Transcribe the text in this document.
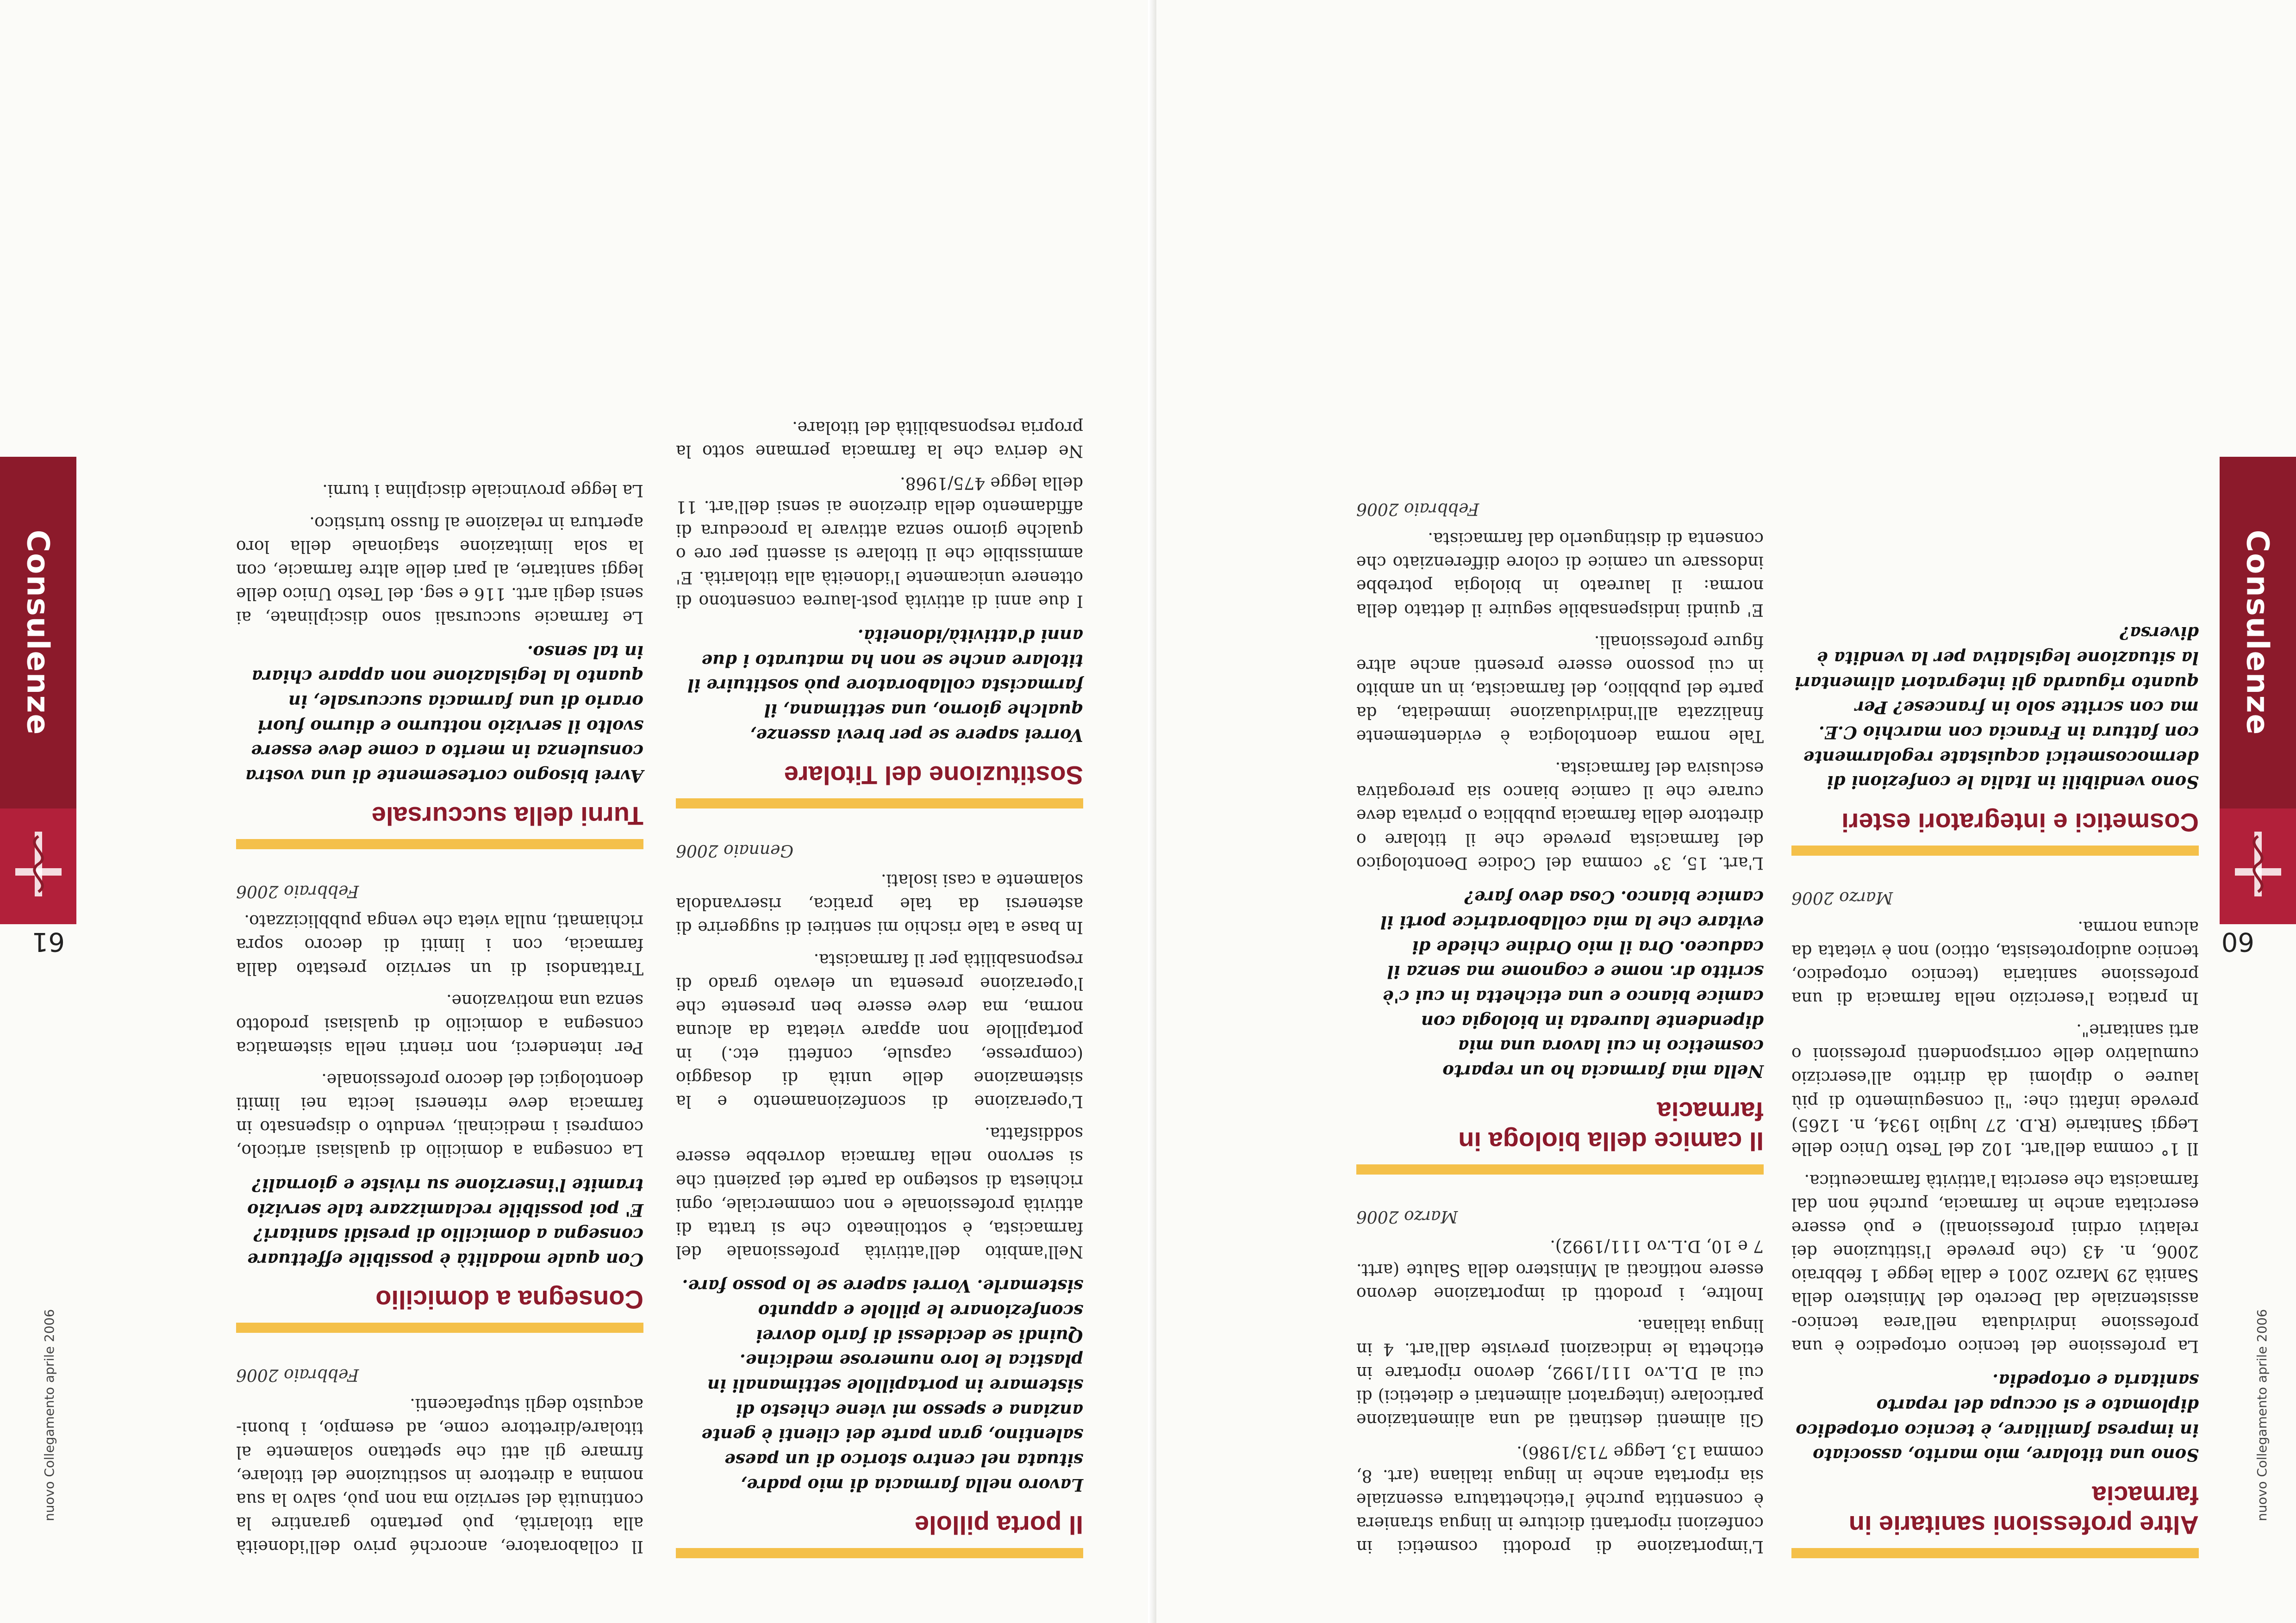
nuovo Collegamento aprile 2006
Consulenze
60
Altre professioni sanitarie in farmacia

Sono una titolare, mio marito, associato in impresa familiare, è tecnico ortopedico diplomato e si occupa del reparto sanitaria e ortopedia.

La professione del tecnico ortopedico è una professione individuata nell'area tecnico-assistenziale dal Decreto del Ministero della Sanità 29 Marzo 2001 e dalla legge 1 febbraio 2006, n. 43 (che prevede l'istituzione dei relativi ordini professionali) e può essere esercitata anche in farmacia, purché non dal farmacista che esercita l'attività farmaceutica.

Il 1° comma dell'art. 102 del Testo Unico delle Leggi Sanitarie (R.D. 27 luglio 1934, n. 1265) prevede infatti che: "il conseguimento di più lauree o diplomi dà diritto all'esercizio cumulativo delle corrispondenti professioni o arti sanitarie".

In pratica l'esercizio nella farmacia di una professione sanitaria (tecnico ortopedico, tecnico audioprotesista, ottico) non è vietata da alcuna norma.

Marzo 2006
Cosmetici e integratori esteri

Sono vendibili in Italia le confezioni di dermocosmetici acquistate regolarmente con fattura in Francia con marchio C.E. ma con scritte solo in francese? Per quanto riguarda gli integratori alimentari la situazione legislativa per la vendita è diversa?

L'importazione di prodotti cosmetici in confezioni riportanti diciture in lingua straniera è consentita purché l'etichettatura essenziale sia riportata anche in lingua italiana (art. 8, comma 13, Legge 713/1986).

Gli alimenti destinati ad una alimentazione particolare (integratori alimentari e dietetici) di cui al D.L.vo 111/1992, devono riportare in etichetta le indicazioni previste dall'art. 4 in lingua italiana.

Inoltre, i prodotti di importazione devono essere notificati al Ministero della Salute (artt. 7 e 10, D.L.vo 111/1992).

Marzo 2006
Il camice della biologa in farmacia

Nella mia farmacia ho un reparto cosmetico in cui lavora una mia dipendente laureata in biologia con camice bianco e una etichetta in cui c'è scritto dr. nome e cognome ma senza il caduceo. Ora il mio Ordine chiede di evitare che la mia collaboratrice porti il camice bianco. Cosa devo fare?

L'art. 15, 3° comma del Codice Deontologico del farmacista prevede che il titolare o direttore della farmacia pubblica o privata deve curare che il camice bianco sia prerogativa esclusiva del farmacista.

Tale norma deontologica è evidentemente finalizzata all'individuazione immediata, da parte del pubblico, del farmacista, in un ambito in cui possono essere presenti anche altre figure professionali.

E' quindi indispensabile seguire il dettato della norma: il laureato in biologia potrebbe indossare un camice di colore differenziato che consenta di distinguerlo dal farmacista.

Febbraio 2006
nuovo Collegamento aprile 2006
Consulenze
61
Il porta pillole

Lavoro nella farmacia di mio padre, situata nel centro storico di un paese salentino, gran parte dei clienti è gente anziana e spesso mi viene chiesto di sistemare in portapillole settimanali in plastica le loro numerose medicine. Quindi se decidessi di farlo dovrei sconfezionare le pillole e appunto sistemarle. Vorrei sapere se lo posso fare.

Nell'ambito dell'attività professionale del farmacista, è sottolineato che si tratta di attività professionale e non commerciale, ogni richiesta di sostegno da parte dei pazienti che si servono nella farmacia dovrebbe essere soddisfatta.

L'operazione di sconfezionamento e la sistemazione delle unità di dosaggio (compresse, capsule, confetti etc.) in portapillole non appare vietata da alcuna norma, ma deve essere ben presente che l'operazione presenta un elevato grado di responsabilità per il farmacista.

In base a tale rischio mi sentirei di suggerire di astenersi da tale pratica, riservandola solamente a casi isolati.

Gennaio 2006
Sostituzione del Titolare

Vorrei sapere se per brevi assenze, qualche giorno, una settimana, il farmacista collaboratore può sostituire il titolare anche se non ha maturato i due anni d'attività/idoneità.

I due anni di attività post-laurea consentono di ottenere unicamente l'idoneità alla titolarità. E' ammissibile che il titolare si assenti per ore o qualche giorno senza attivare la procedura di affidamento della direzione ai sensi dell'art. 11 della legge 475/1968.

Ne deriva che la farmacia permane sotto la propria responsabilità del titolare.

Il collaboratore, ancorché privo dell'idoneità alla titolarità, può pertanto garantire la continuità del servizio ma non può, salvo la sua nomina a direttore in sostituzione del titolare, firmare gli atti che spettano solamente al titolare/direttore come, ad esempio, i buoni-acquisto degli stupefacenti.

Febbraio 2006
Consegna a domicilio

Con quale modalità è possibile effettuare consegna a domicilio di presidi sanitari? E' poi possibile reclamizzare tale servizio tramite l'inserzione su riviste e giornali?

La consegna a domicilio di qualsiasi articolo, compresi i medicinali, venduto o dispensato in farmacia deve ritenersi lecita nei limiti deontologici del decoro professionale.

Per intenderci, non rientri nella sistematica consegna a domicilio di qualsiasi prodotto senza una motivazione.

Trattandosi di un servizio prestato dalla farmacia, con i limiti di decoro sopra richiamati, nulla vieta che venga pubblicizzato.

Febbraio 2006
Turni della succursale

Avrei bisogno cortesemente di una vostra consulenza in merito a come deve essere svolto il servizio notturno e diurno fuori orario di una farmacia succursale, in quanto la legislazione non appare chiara in tal senso.

Le farmacie succursali sono disciplinate, ai sensi degli artt. 116 e seg. del Testo Unico delle leggi sanitarie, al pari delle altre farmacie, con la sola limitazione stagionale della loro apertura in relazione al flusso turistico.

La legge provinciale disciplina i turni.
